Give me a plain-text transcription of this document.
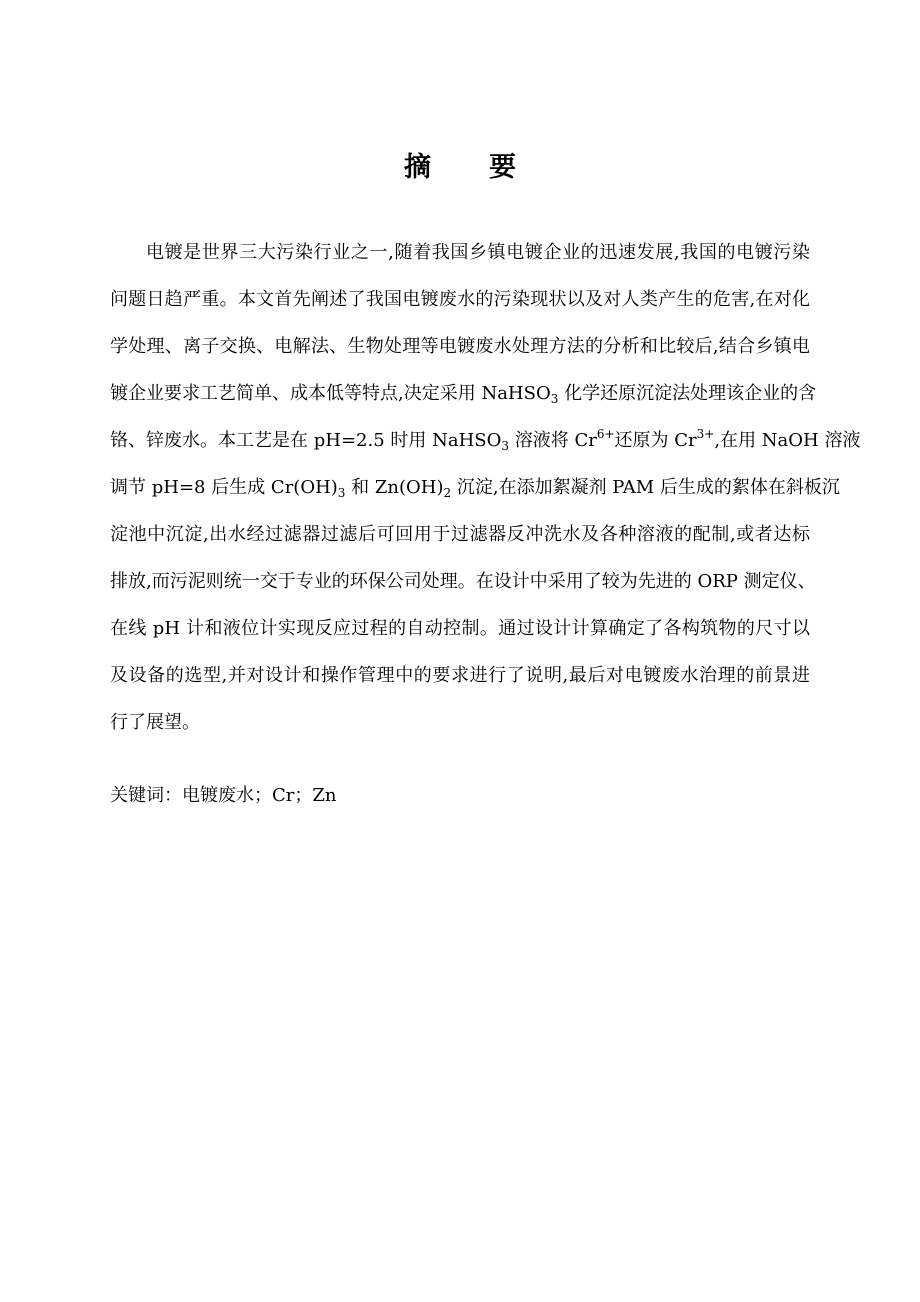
摘 要
电镀是世界三大污染行业之一,随着我国乡镇电镀企业的迅速发展,我国的电镀污染
问题日趋严重。本文首先阐述了我国电镀废水的污染现状以及对人类产生的危害,在对化
学处理、离子交换、电解法、生物处理等电镀废水处理方法的分析和比较后,结合乡镇电
镀企业要求工艺简单、成本低等特点,决定采用 NaHSO$_3$ 化学还原沉淀法处理该企业的含
铬、锌废水。本工艺是在 pH=2.5 时用 NaHSO$_3$ 溶液将 $Cr^{6+}$还原为 $Cr^{3+}$,在用 NaOH 溶液
调节 pH=8 后生成 $Cr(OH)_3$ 和 $Zn(OH)_2$ 沉淀,在添加絮凝剂 PAM 后生成的絮体在斜板沉
淀池中沉淀,出水经过滤器过滤后可回用于过滤器反冲洗水及各种溶液的配制,或者达标
排放,而污泥则统一交于专业的环保公司处理。在设计中采用了较为先进的 ORP 测定仪、
在线 pH 计和液位计实现反应过程的自动控制。通过设计计算确定了各构筑物的尺寸以
及设备的选型,并对设计和操作管理中的要求进行了说明,最后对电镀废水治理的前景进
行了展望。
关键词：电镀废水；Cr；Zn
